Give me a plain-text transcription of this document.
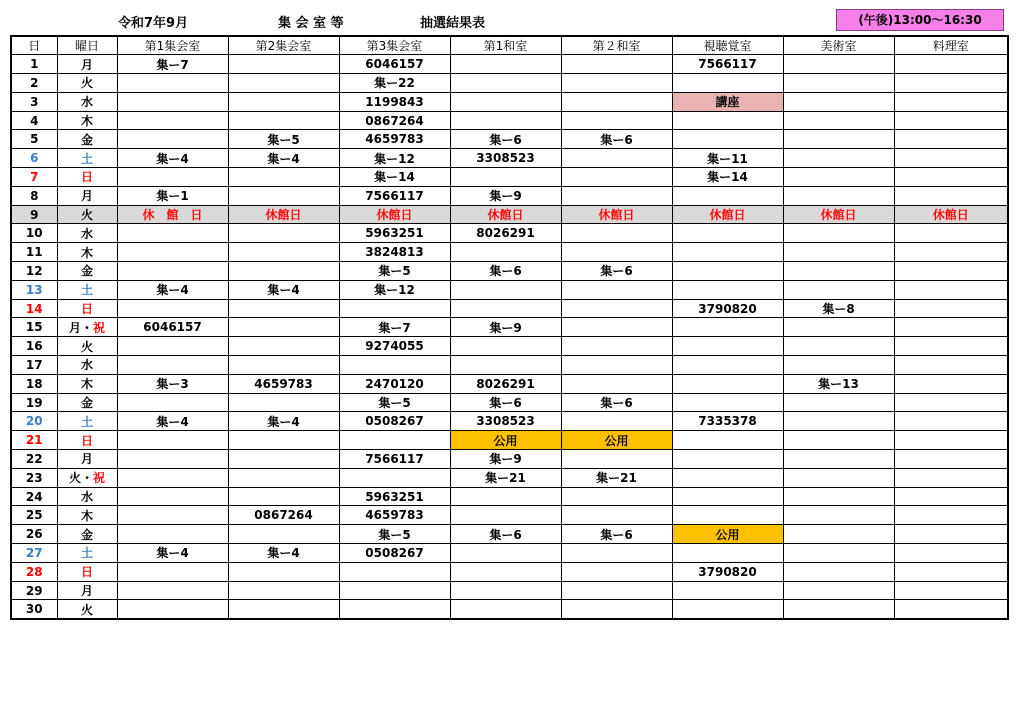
令和7年9月	集 会 室 等	抽選結果表	(午後)13:00～16:30
日	曜日	第1集会室	第2集会室	第3集会室	第1和室	第２和室	視聴覚室	美術室	料理室
1	月	集ー7		6046157			7566117		
2	火			集ー22					
3	水			1199843			講座		
4	木			0867264					
5	金		集ー5	4659783	集ー6	集ー6			
6	土	集ー4	集ー4	集ー12	3308523		集ー11		
7	日			集ー14			集ー14		
8	月	集ー1		7566117	集ー9				
9	火	休　館　日	休館日	休館日	休館日	休館日	休館日	休館日	休館日
10	水			5963251	8026291				
11	木			3824813					
12	金			集ー5	集ー6	集ー6			
13	土	集ー4	集ー4	集ー12					
14	日						3790820	集ー8	
15	月・祝	6046157		集ー7	集ー9				
16	火			9274055					
17	水								
18	木	集ー3	4659783	2470120	8026291			集ー13	
19	金			集ー5	集ー6	集ー6			
20	土	集ー4	集ー4	0508267	3308523		7335378		
21	日				公用	公用			
22	月			7566117	集ー9				
23	火・祝				集ー21	集ー21			
24	水			5963251					
25	木		0867264	4659783					
26	金			集ー5	集ー6	集ー6	公用		
27	土	集ー4	集ー4	0508267					
28	日						3790820		
29	月								
30	火								
